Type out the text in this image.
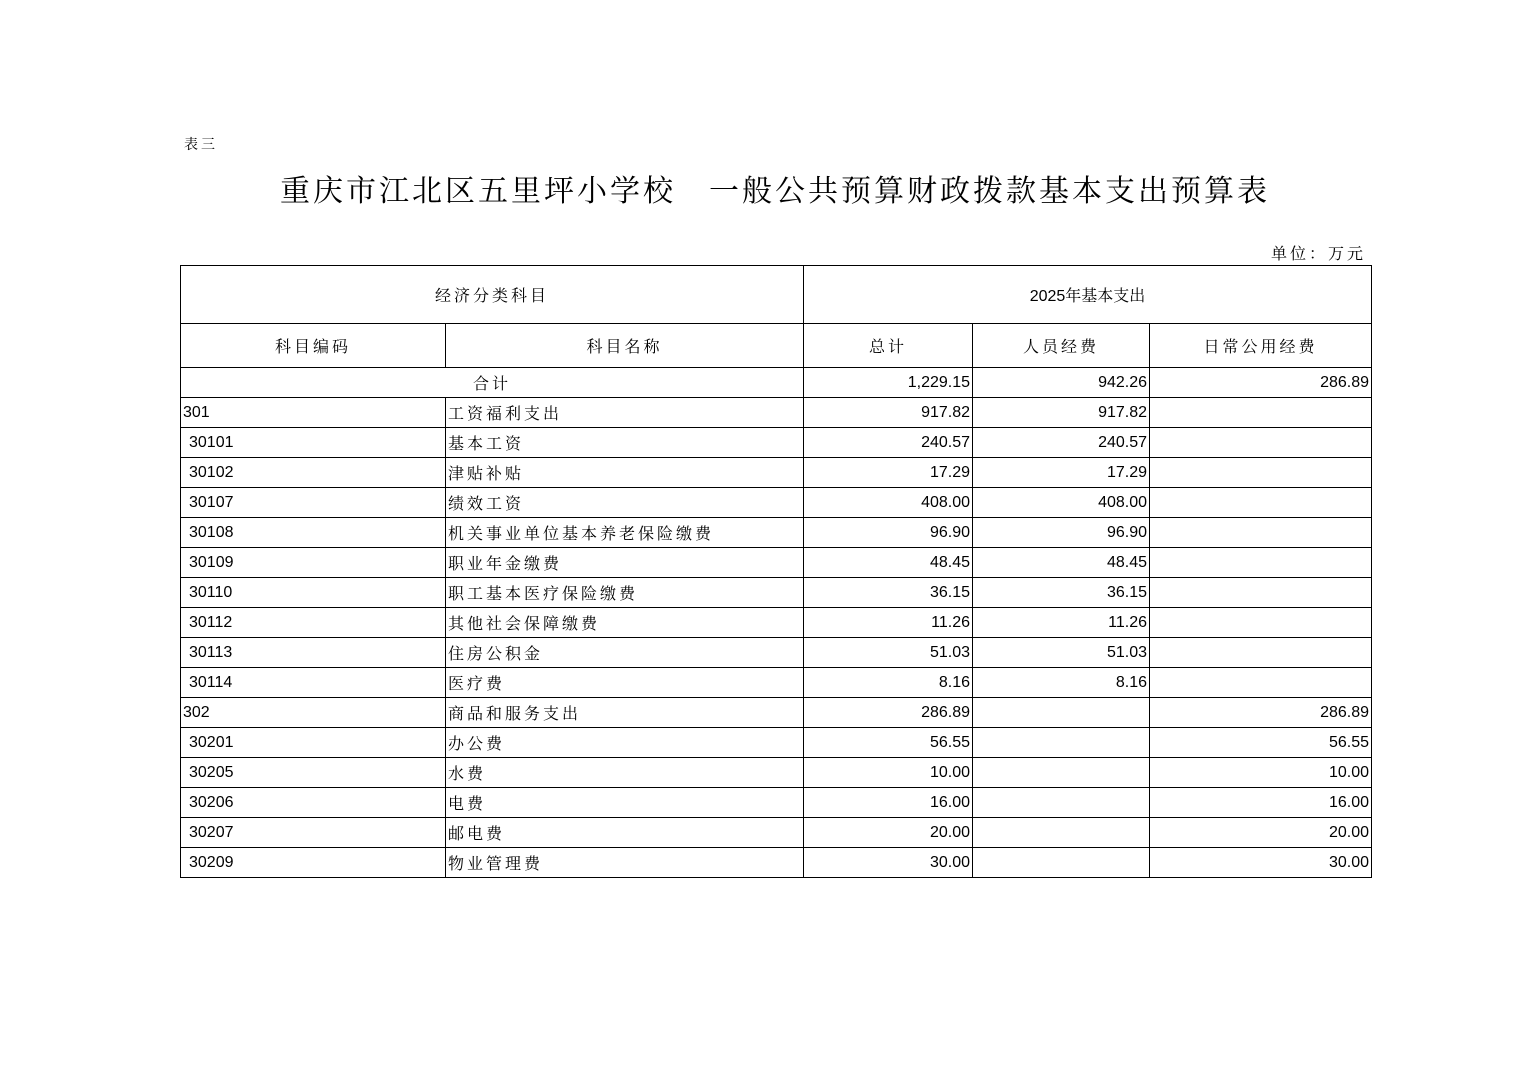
表三
重庆市江北区五里坪小学校　一般公共预算财政拨款基本支出预算表
单位：万元
经济分类科目		2025年基本支出		
科目编码	科目名称	总计	人员经费	日常公用经费
合计		1,229.15	942.26	286.89
301	工资福利支出	917.82	917.82	
30101	基本工资	240.57	240.57	
30102	津贴补贴	17.29	17.29	
30107	绩效工资	408.00	408.00	
30108	机关事业单位基本养老保险缴费	96.90	96.90	
30109	职业年金缴费	48.45	48.45	
30110	职工基本医疗保险缴费	36.15	36.15	
30112	其他社会保障缴费	11.26	11.26	
30113	住房公积金	51.03	51.03	
30114	医疗费	8.16	8.16	
302	商品和服务支出	286.89		286.89
30201	办公费	56.55		56.55
30205	水费	10.00		10.00
30206	电费	16.00		16.00
30207	邮电费	20.00		20.00
30209	物业管理费	30.00		30.00
